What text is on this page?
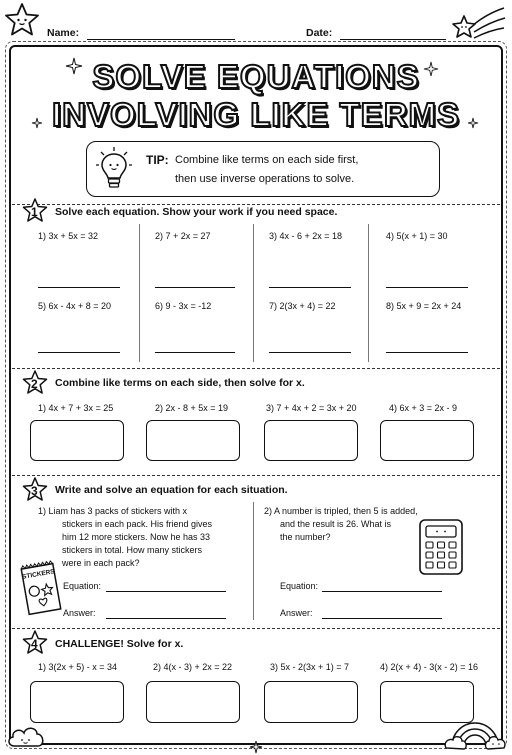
Name:	Date:
SOLVE EQUATIONS
INVOLVING LIKE TERMS
TIP: Combine like terms on each side first,
then use inverse operations to solve.
1 Solve each equation. Show your work if you need space.
1) 3x + 5x = 32	2) 7 + 2x = 27	3) 4x - 6 + 2x = 18	4) 5(x + 1) = 30
5) 6x - 4x + 8 = 20	6) 9 - 3x = -12	7) 2(3x + 4) = 22	8) 5x + 9 = 2x + 24
2 Combine like terms on each side, then solve for x.
1) 4x + 7 + 3x = 25	2) 2x - 8 + 5x = 19	3) 7 + 4x + 2 = 3x + 20	4) 6x + 3 = 2x - 9
3 Write and solve an equation for each situation.
1) Liam has 3 packs of stickers with x
stickers in each pack. His friend gives
him 12 more stickers. Now he has 33
stickers in total. How many stickers
were in each pack?
STICKERS
Equation:
Answer:
2) A number is tripled, then 5 is added,
and the result is 26. What is
the number?
Equation:
Answer:
4 CHALLENGE! Solve for x.
1) 3(2x + 5) - x = 34	2) 4(x - 3) + 2x = 22	3) 5x - 2(3x + 1) = 7	4) 2(x + 4) - 3(x - 2) = 16
